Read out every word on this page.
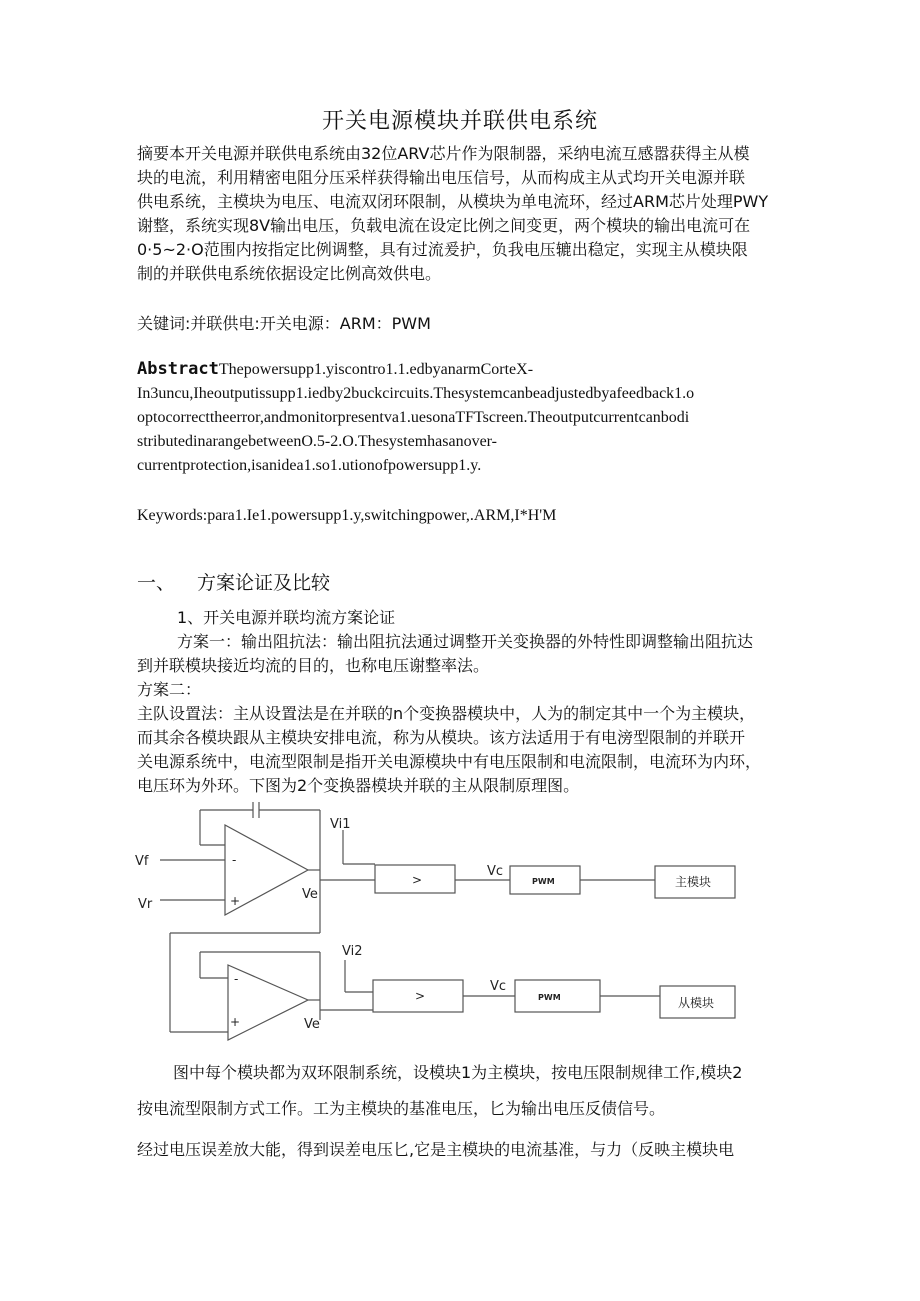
开关电源模块并联供电系统
摘要本开关电源并联供电系统由32位ARV芯片作为限制器，采纳电流互感嚣获得主从模
块的电流，利用精密电阻分压采样获得输出电压信号，从而构成主从式均开关电源并联
供电系统，主模块为电压、电流双闭环限制，从模块为单电流环，经过ARM芯片处理PWY
谢整，系统实现8V输出电压，负载电流在设定比例之间变更，两个模块的输出电流可在
0·5~2·O范围内按指定比例调整，具有过流爰护，负我电压辘出稳定，实现主从模块限
制的并联供电系统依据设定比例高效供电。
关键词:并联供电:开关电源：ARM：PWM
AbstractThepowersupp1.yiscontro1.1.edbyanarmCorteX-
In3uncu,Iheoutputissupp1.iedby2buckcircuits.Thesystemcanbeadjustedbyafeedback1.o
optocorrecttheerror,andmonitorpresentva1.uesonaTFTscreen.Theoutputcurrentcanbodi
stributedinarangebetweenO.5-2.O.Thesystemhasanover-
currentprotection,isanidea1.so1.utionofpowersupp1.y.
Keywords:para1.Ie1.powersupp1.y,switchingpower,.ARM,I*H'M
一、 方案论证及比较
1、开关电源并联均流方案论证
方案一：输出阻抗法：输出阻抗法通过调整开关变换器的外特性即调整输出阻抗达
到并联模块接近均流的目的，也称电压谢整率法。
方案二：
主队设置法：主从设置法是在并联的n个变换器模块中，人为的制定其中一个为主模块，
而其余各模块跟从主模块安排电流，称为从模块。该方法适用于有电滂型限制的并联开
关电源系统中，电流型限制是指开关电源模块中有电压限制和电流限制，电流环为内环，
电压环为外环。下图为2个变换器模块并联的主从限制原理图。
Vf
Vr
-
+	Ve
Vi1
>
Vc
PWM	主模块
Vi2
-
+	Ve
>
Vc
PWM	从模块
图中每个模块都为双环限制系统，设模块1为主模块，按电压限制规律工作,模块2
按电流型限制方式工作。工为主模块的基准电压，匕为输出电压反债信号。
经过电压误差放大能，得到误差电压匕,它是主模块的电流基准，与力（反映主模块电
